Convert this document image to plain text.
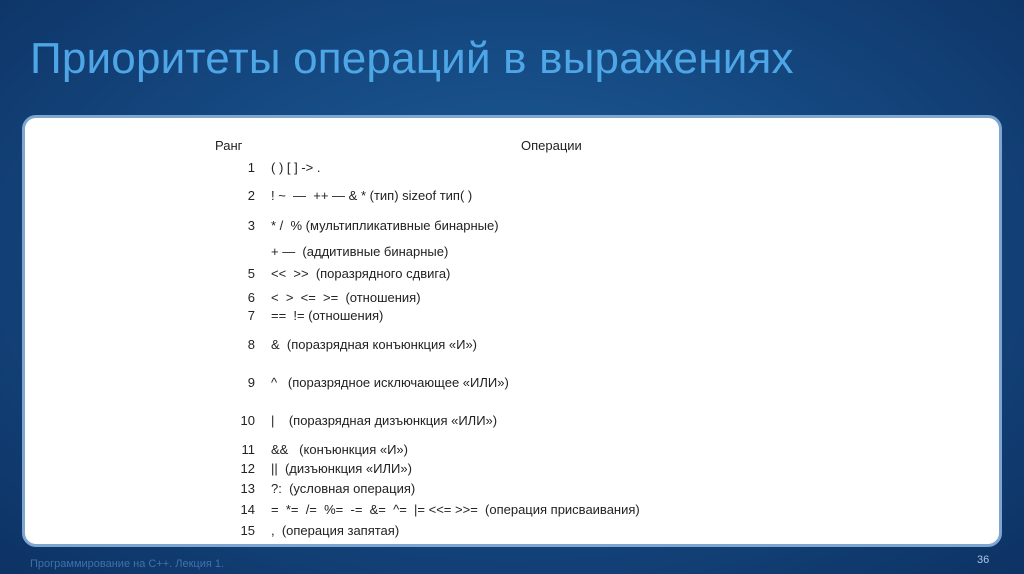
Приоритеты операций в выражениях
Ранг	Операции
1 ( ) [ ] -> .
2 ! ~  —  ++ — & * (тип) sizeof тип( )
3 * /  % (мультипликативные бинарные)
+ —  (аддитивные бинарные)
5 <<  >>  (поразрядного сдвига)
6 <  >  <=  >=  (отношения)
7 ==  != (отношения)
8 &  (поразрядная конъюнкция «И»)
9 ^   (поразрядное исключающее «ИЛИ»)
10 |    (поразрядная дизъюнкция «ИЛИ»)
11 &&   (конъюнкция «И»)
12 ||  (дизъюнкция «ИЛИ»)
13 ?:  (условная операция)
14 =  *=  /=  %=  -=  &=  ^=  |= <<= >>=  (операция присваивания)
15 ,  (операция запятая)
Программирование на С++. Лекция 1.	36
